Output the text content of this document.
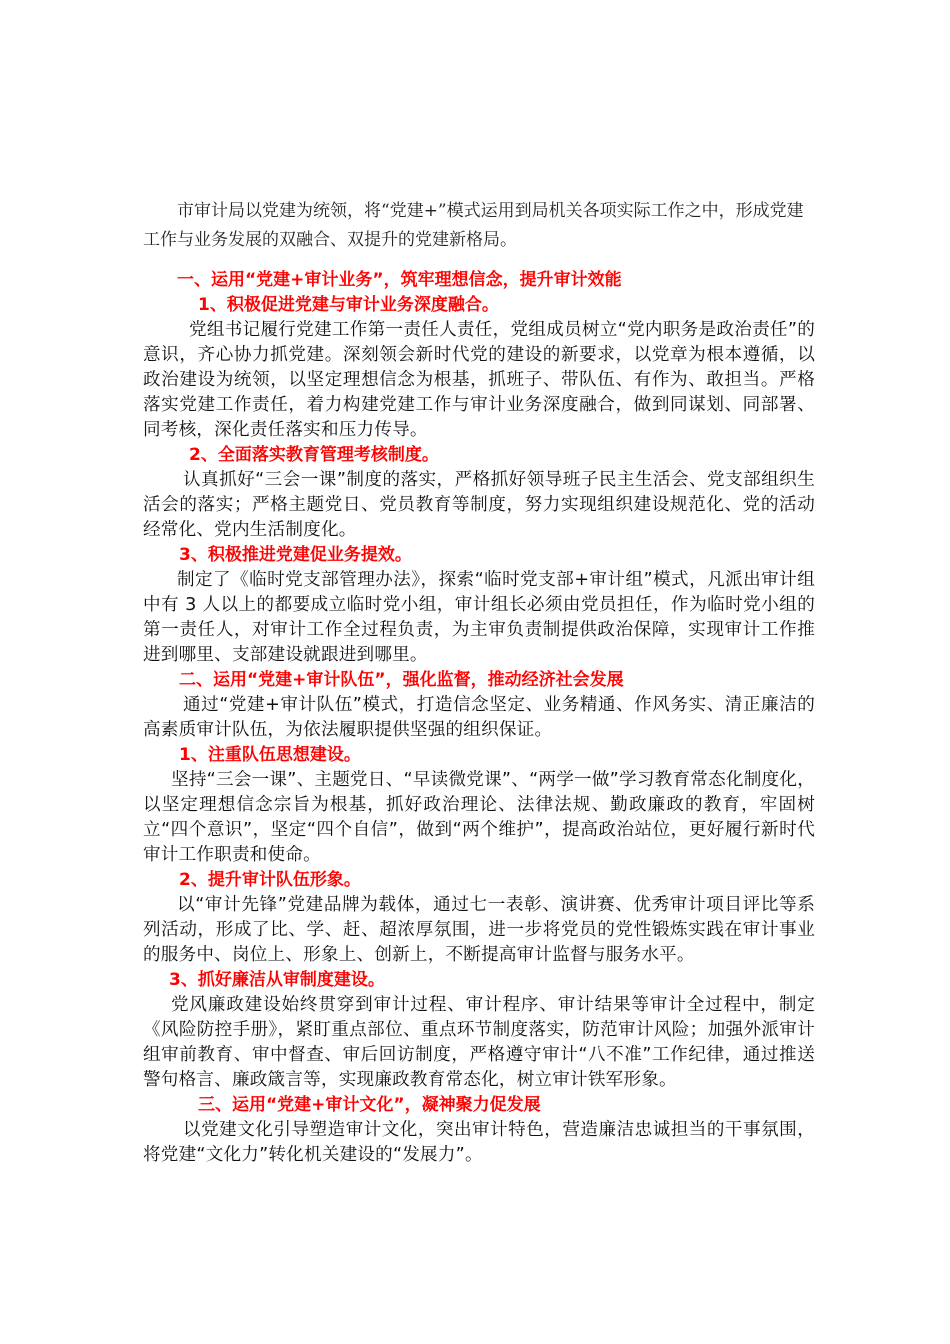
市审计局以党建为统领，将“党建+”模式运用到局机关各项实际工作之中，形成党建工作与业务发展的双融合、双提升的党建新格局。

一、运用“党建+审计业务”，筑牢理想信念，提升审计效能

1、积极促进党建与审计业务深度融合。

党组书记履行党建工作第一责任人责任，党组成员树立“党内职务是政治责任”的意识，齐心协力抓党建。深刻领会新时代党的建设的新要求，以党章为根本遵循，以政治建设为统领，以坚定理想信念为根基，抓班子、带队伍、有作为、敢担当。严格落实党建工作责任，着力构建党建工作与审计业务深度融合，做到同谋划、同部署、同考核，深化责任落实和压力传导。

2、全面落实教育管理考核制度。

认真抓好“三会一课”制度的落实，严格抓好领导班子民主生活会、党支部组织生活会的落实；严格主题党日、党员教育等制度，努力实现组织建设规范化、党的活动经常化、党内生活制度化。

3、积极推进党建促业务提效。

制定了《临时党支部管理办法》，探索“临时党支部+审计组”模式，凡派出审计组中有 3 人以上的都要成立临时党小组，审计组长必须由党员担任，作为临时党小组的第一责任人，对审计工作全过程负责，为主审负责制提供政治保障，实现审计工作推进到哪里、支部建设就跟进到哪里。

二、运用“党建+审计队伍”，强化监督，推动经济社会发展

通过“党建+审计队伍”模式，打造信念坚定、业务精通、作风务实、清正廉洁的高素质审计队伍，为依法履职提供坚强的组织保证。

1、注重队伍思想建设。

坚持“三会一课”、主题党日、“早读微党课”、“两学一做”学习教育常态化制度化，以坚定理想信念宗旨为根基，抓好政治理论、法律法规、勤政廉政的教育，牢固树立“四个意识”，坚定“四个自信”，做到“两个维护”，提高政治站位，更好履行新时代审计工作职责和使命。

2、提升审计队伍形象。

以“审计先锋”党建品牌为载体，通过七一表彰、演讲赛、优秀审计项目评比等系列活动，形成了比、学、赶、超浓厚氛围，进一步将党员的党性锻炼实践在审计事业的服务中、岗位上、形象上、创新上，不断提高审计监督与服务水平。

3、抓好廉洁从审制度建设。

党风廉政建设始终贯穿到审计过程、审计程序、审计结果等审计全过程中，制定《风险防控手册》，紧盯重点部位、重点环节制度落实，防范审计风险；加强外派审计组审前教育、审中督查、审后回访制度，严格遵守审计“八不准”工作纪律，通过推送警句格言、廉政箴言等，实现廉政教育常态化，树立审计铁军形象。

三、运用“党建+审计文化”，凝神聚力促发展

以党建文化引导塑造审计文化，突出审计特色，营造廉洁忠诚担当的干事氛围，将党建“文化力”转化机关建设的“发展力”。
